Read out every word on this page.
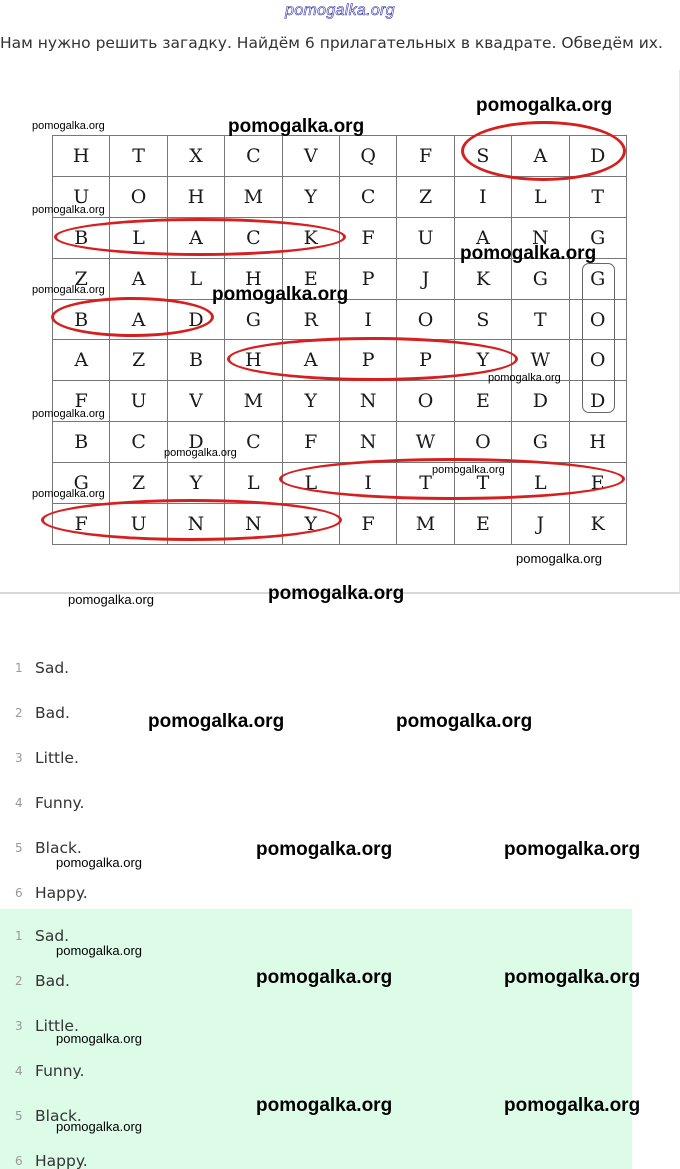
pomogalka.org
Нам нужно решить загадку. Найдём 6 прилагательных в квадрате. Обведём их.
H	T	X	C	V	Q	F	S	A	D
U	O	H	M	Y	C	Z	I	L	T
B	L	A	C	K	F	U	A	N	G
Z	A	L	H	E	P	J	K	G	G
B	A	D	G	R	I	O	S	T	O
A	Z	B	H	A	P	P	Y	W	O
F	U	V	M	Y	N	O	E	D	D
B	C	D	C	F	N	W	O	G	H
G	Z	Y	L	L	I	T	T	L	E
F	U	N	N	Y	F	M	E	J	K
pomogalka.org
pomogalka.org
pomogalka.org
pomogalka.org
pomogalka.org
pomogalka.org	pomogalka.org
pomogalka.org
pomogalka.org
pomogalka.org
pomogalka.org
pomogalka.org
pomogalka.org
pomogalka.org
pomogalka.org
1 Sad.
2 Bad.
3 Little.
4 Funny.
5 Black.
6 Happy.
1 Sad.
2 Bad.
3 Little.
4 Funny.
5 Black.
6 Happy.
pomogalka.org	pomogalka.org
pomogalka.org	pomogalka.org
pomogalka.org
pomogalka.org
pomogalka.org	pomogalka.org
pomogalka.org
pomogalka.org	pomogalka.org
pomogalka.org
